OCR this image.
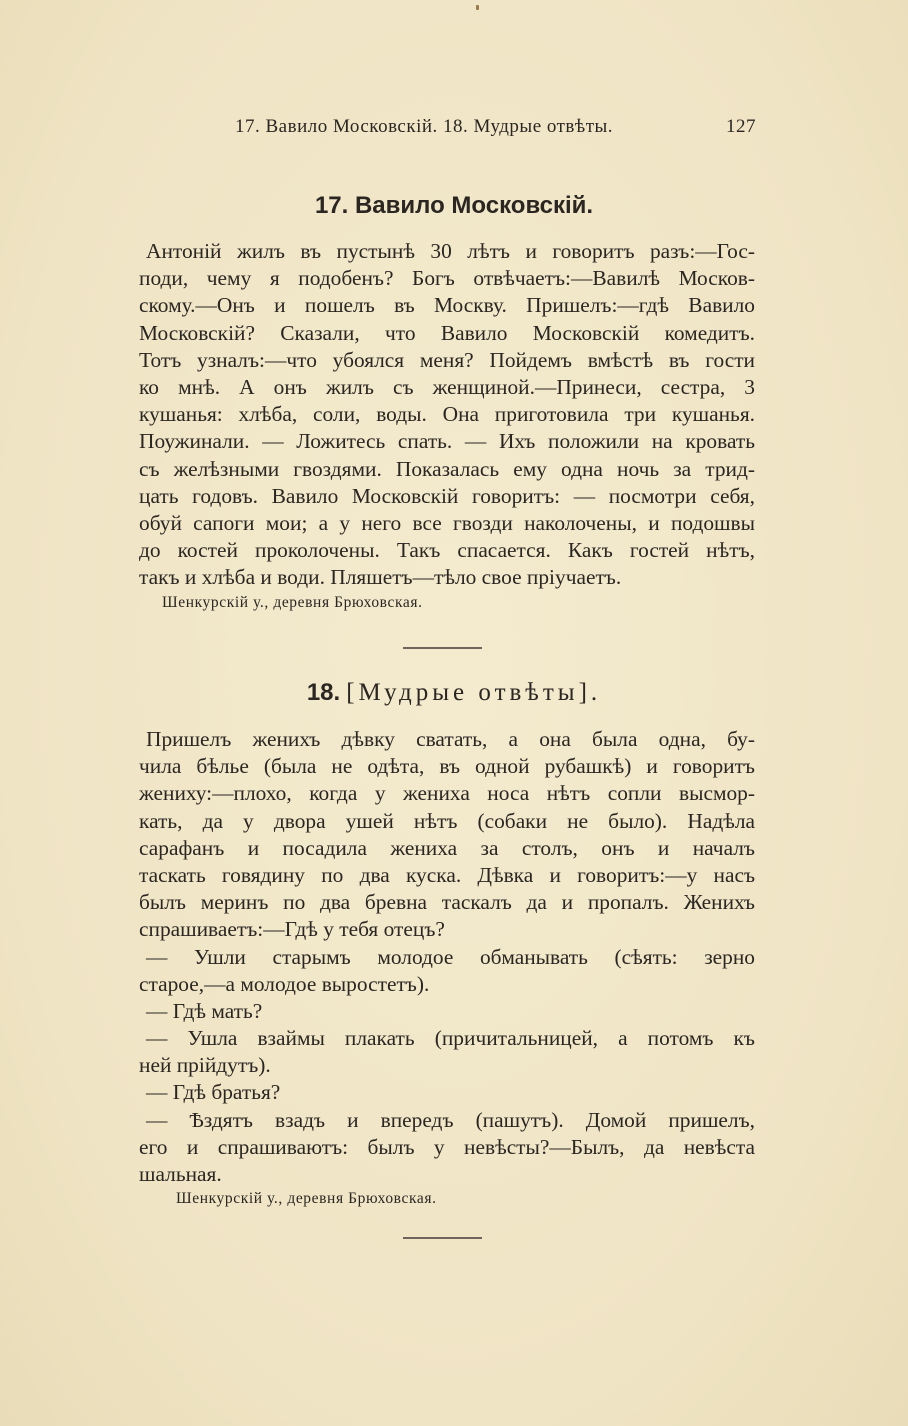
17. Вавило Московскій. 18. Мудрые отвѣты.	127
17. Вавило Московскій.
Антоній жилъ въ пустынѣ 30 лѣтъ и говоритъ разъ:—Гос-
поди, чему я подобенъ? Богъ отвѣчаетъ:—Вавилѣ Москов-
скому.—Онъ и пошелъ въ Москву. Пришелъ:—гдѣ Вавило
Московскій? Сказали, что Вавило Московскій комедитъ.
Тотъ узналъ:—что убоялся меня? Пойдемъ вмѣстѣ въ гости
ко мнѣ. А онъ жилъ съ женщиной.—Принеси, сестра, 3
кушанья: хлѣба, соли, воды. Она приготовила три кушанья.
Поужинали. — Ложитесь спать. — Ихъ положили на кровать
съ желѣзными гвоздями. Показалась ему одна ночь за трид-
цать годовъ. Вавило Московскій говоритъ: — посмотри себя,
обуй сапоги мои; а у него все гвозди наколочены, и подошвы
до костей проколочены. Такъ спасается. Какъ гостей нѣтъ,
такъ и хлѣба и води. Пляшетъ—тѣло свое пріучаетъ.
Шенкурскій у., деревня Брюховская.
18. [Мудрые отвѣты].
Пришелъ женихъ дѣвку сватать, а она была одна, бу-
чила бѣлье (была не одѣта, въ одной рубашкѣ) и говоритъ
жениху:—плохо, когда у жениха носа нѣтъ сопли высмор-
кать, да у двора ушей нѣтъ (собаки не было). Надѣла
сарафанъ и посадила жениха за столъ, онъ и началъ
таскать говядину по два куска. Дѣвка и говоритъ:—у насъ
былъ меринъ по два бревна таскалъ да и пропалъ. Женихъ
спрашиваетъ:—Гдѣ у тебя отецъ?
— Ушли старымъ молодое обманывать (сѣять: зерно
старое,—а молодое выростетъ).
— Гдѣ мать?
— Ушла взаймы плакать (причитальницей, а потомъ къ
ней прійдутъ).
— Гдѣ братья?
— Ѣздятъ взадъ и впередъ (пашутъ). Домой пришелъ,
его и спрашиваютъ: былъ у невѣсты?—Былъ, да невѣста
шальная.
Шенкурскій у., деревня Брюховская.
